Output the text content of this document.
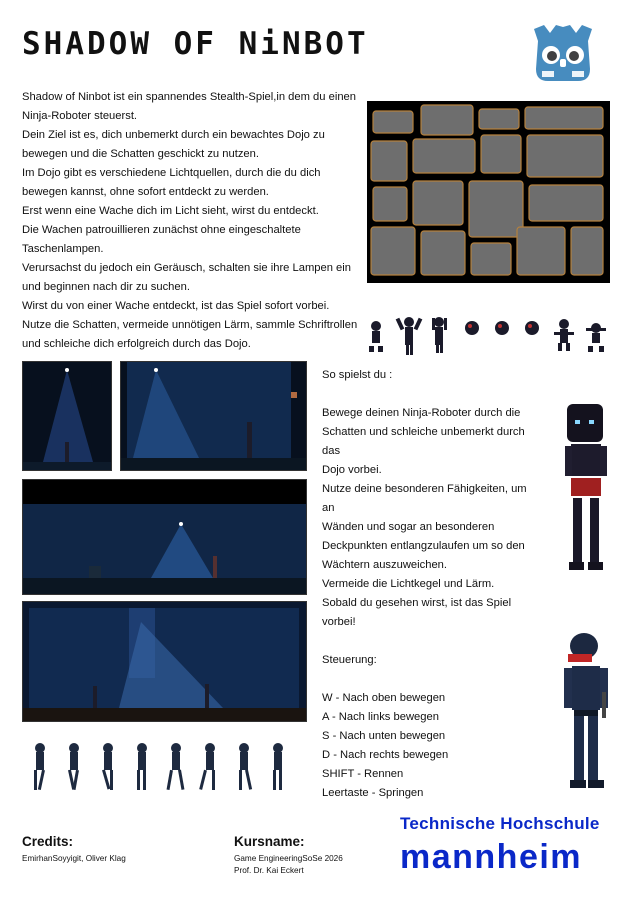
SHADOW OF NiNBOT

Shadow of Ninbot ist ein spannendes Stealth-Spiel,in dem du einen

Ninja-Roboter steuerst.

Dein Ziel ist es, dich unbemerkt durch ein bewachtes Dojo zu

bewegen und die Schatten geschickt zu nutzen.

Im Dojo gibt es verschiedene Lichtquellen, durch die du dich

bewegen kannst, ohne sofort entdeckt zu werden.

Erst wenn eine Wache dich im Licht sieht, wirst du entdeckt.

Die Wachen patrouillieren zunächst ohne eingeschaltete

Taschenlampen.

Verursachst du jedoch ein Geräusch, schalten sie ihre Lampen ein

und beginnen nach dir zu suchen.

Wirst du von einer Wache entdeckt, ist das Spiel sofort vorbei.

Nutze die Schatten, vermeide unnötigen Lärm, sammle Schriftrollen

und schleiche dich erfolgreich durch das Dojo.

So spielst du :

Bewege deinen Ninja-Roboter durch die

Schatten und schleiche unbemerkt durch das

Dojo vorbei.

Nutze deine besonderen Fähigkeiten, um an

Wänden und sogar an besonderen

Deckpunkten entlangzulaufen um so den

Wächtern auszuweichen.

Vermeide die Lichtkegel und Lärm.

Sobald du gesehen wirst, ist das Spiel vorbei!

Steuerung:

W - Nach oben bewegen

A - Nach links bewegen

S - Nach unten bewegen

D - Nach rechts bewegen

SHIFT - Rennen

Leertaste - Springen

Credits:
EmirhanSoyyigit, Oliver Klag
Kursname:
Game EngineeringSoSe 2026
Prof. Dr. Kai Eckert
Technische Hochschule
mannheim
